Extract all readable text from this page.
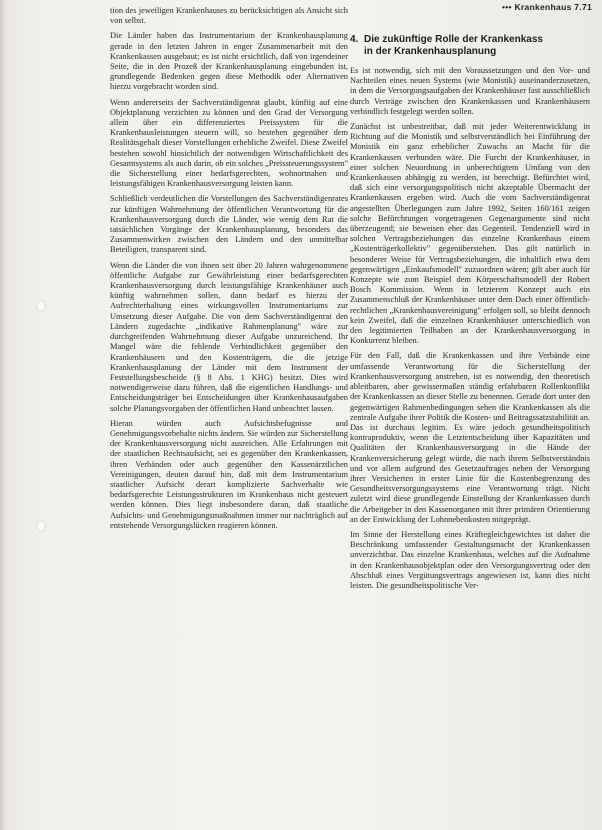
••• Krankenhaus 7.71

tion des jeweiligen Krankenhauses zu berücksichtigen als Ansicht sich von selbst.

Die Länder haben das Instrumentarium der Krankenhausplanung gerade in den letzten Jahren in enger Zusammenarbeit mit den Krankenkassen ausgebaut; es ist nicht ersichtlich, daß von irgendeiner Seite, die in den Prozeß der Krankenhausplanung eingebunden ist, grundlegende Bedenken gegen diese Methodik oder Alternativen hierzu vorgebracht worden sind.

Wenn andererseits der Sachverständigenrat glaubt, künftig auf eine Objektplanung verzichten zu können und den Grad der Versorgung allein über ein differenziertes Preissystem für die Krankenhausleistungen steuern will, so bestehen gegenüber dem Realitätsgehalt dieser Vorstellungen erhebliche Zweifel. Diese Zweifel bestehen sowohl hinsichtlich der notwendigen Wirtschaftlichkeit des Gesamtsystems als auch darin, ob ein solches „Preissteuerungssystem" die Sicherstellung einer bedarfsgerechten, wohnortnahen und leistungsfähigen Krankenhausversorgung leisten kann.

Schließlich verdeutlichen die Vorstellungen des Sachverständigenrates zur künftigen Wahrnehmung der öffentlichen Verantwortung für die Krankenhausversorgung durch die Länder, wie wenig dem Rat die tatsächlichen Vorgänge der Krankenhausplanung, besonders das Zusammenwirken zwischen den Ländern und den unmittelbar Beteiligten, transparent sind.

Wenn die Länder die von ihnen seit über 20 Jahren wahrgenommene öffentliche Aufgabe zur Gewährleistung einer bedarfsgerechten Krankenhausversorgung durch leistungsfähige Krankenhäuser auch künftig wahrnehmen sollen, dann bedarf es hierzu der Aufrechterhaltung eines wirkungsvollen Instrumentariums zur Umsetzung dieser Aufgabe. Die von dem Sachverständigenrat den Ländern zugedachte „indikative Rahmenplanung" wäre zur durchgreifenden Wahrnehmung dieser Aufgabe unzureichend. Ihr Mangel wäre die fehlende Verbindlichkeit gegenüber den Krankenhäusern und den Kostenträgern, die die jetzige Krankenhausplanung der Länder mit dem Instrument der Feststellungsbescheide (§ 8 Abs. 1 KHG) besitzt. Dies wird notwendigerweise dazu führen, daß die eigentlichen Handlungs- und Entscheidungsträger bei Entscheidungen über Krankenhausaufgaben solche Planungsvorgaben der öffentlichen Hand unbeachtet lassen.

Hieran würden auch Aufsichtsbefugnisse und Genehmigungsvorbehalte nichts ändern. Sie würden zur Sicherstellung der Krankenhausversorgung nicht ausreichen. Alle Erfahrungen mit der staatlichen Rechtsaufsicht, sei es gegenüber den Krankenkassen, ihren Verbänden oder auch gegenüber den Kassenärztlichen Vereinigungen, deuten darauf hin, daß mit dem Instrumentarium staatlicher Aufsicht derart komplizierte Sachverhalte wie bedarfsgerechte Leistungsstrukturen im Krankenhaus nicht gesteuert werden können. Dies liegt insbesondere daran, daß staatliche Aufsichts- und Genehmigungsmaßnahmen immer nur nachträglich auf entstehende Versorgungslücken reagieren können.

4. Die zukünftige Rolle der Krankenkass
in der Krankenhausplanung

Es ist notwendig, sich mit den Voraussetzungen und den Vor- und Nachteilen eines neuen Systems (wie Monistik) auseinanderzusetzen, in dem die Versorgungsaufgaben der Krankenhäuser fast ausschließlich durch Verträge zwischen den Krankenkassen und Krankenhäusern verbindlich festgelegt werden sollen.

Zunächst ist unbestreitbar, daß mit jeder Weiterentwicklung in Richtung auf die Monistik und selbstverständlich bei Einführung der Monistik ein ganz erheblicher Zuwachs an Macht für die Krankenkassen verbunden wäre. Die Furcht der Krankenhäuser, in einer solchen Neuordnung in unberechtigtem Umfang von den Krankenkassen abhängig zu werden, ist berechtigt. Befürchtet wird, daß sich eine versorgungspolitisch nicht akzeptable Übermacht der Krankenkassen ergeben wird. Auch die vom Sachverständigenrat angestellten Überlegungen zum Jahre 1992, Seiten 160/161 zeigen solche Befürchtungen vorgetragenen Gegenargumente sind nicht überzeugend; sie beweisen eher das Gegenteil. Tendenziell wird in solchen Vertragsbeziehungen das einzelne Krankenhaus einem „Kostenträgerkollektiv" gegenüberstehen. Das gilt natürlich in besonderer Weise für Vertragsbeziehungen, die inhaltlich etwa dem gegenwärtigen „Einkaufsmodell" zuzuordnen wären; gilt aber auch für Konzepte wie zum Beispiel dem Körperschaftsmodell der Robert Bosch Kommission. Wenn in letzterem Konzept auch ein Zusammenschluß der Krankenhäuser unter dem Dach einer öffentlich-rechtlichen „Krankenhausvereinigung" erfolgen soll, so bleibt dennoch kein Zweifel, daß die einzelnen Krankenhäuser unterschiedlich von den legitimierten Teilhaben an der Krankenhausversorgung in Konkurrenz bleiben.

Für den Fall, daß die Krankenkassen und ihre Verbände eine umfassende Verantwortung für die Sicherstellung der Krankenhausversorgung anstreben, ist es notwendig, den theoretisch ableitbaren, aber gewissermaßen ständig erfahrbaren Rollenkonflikt der Krankenkassen an dieser Stelle zu benennen. Gerade dort unter den gegenwärtigen Rahmenbedingungen sehen die Krankenkassen als die zentrale Aufgabe ihrer Politik die Kosten- und Beitragssatzstabilität an. Das ist durchaus legitim. Es wäre jedoch gesundheitspolitisch kontraproduktiv, wenn die Letztentscheidung über Kapazitäten und Qualitäten der Krankenhausversorgung in die Hände der Krankenversicherung gelegt würde, die nach ihrem Selbstverständnis und vor allem aufgrund des Gesetzauftrages neben der Versorgung ihrer Versicherten in erster Linie für die Kostenbegrenzung des Gesundheitsversorgungssystems eine Verantwortung trägt. Nicht zuletzt wird diese grundlegende Einstellung der Krankenkassen durch die Arbeitgeber in den Kassenorganen mit ihrer primären Orientierung an der Entwicklung der Lohnnebenkosten mitgeprägt.

Im Sinne der Herstellung eines Kräftegleichgewichtes ist daher die Beschränkung umfassender Gestaltungsmacht der Krankenkassen unverzichtbar. Das einzelne Krankenhaus, welches auf die Aufnahme in den Krankenhausobjektplan oder den Versorgungsvertrag oder den Abschluß eines Vergütungsvertrags angewiesen ist, kann dies nicht leisten. Die gesundheitspolitische Ver-
